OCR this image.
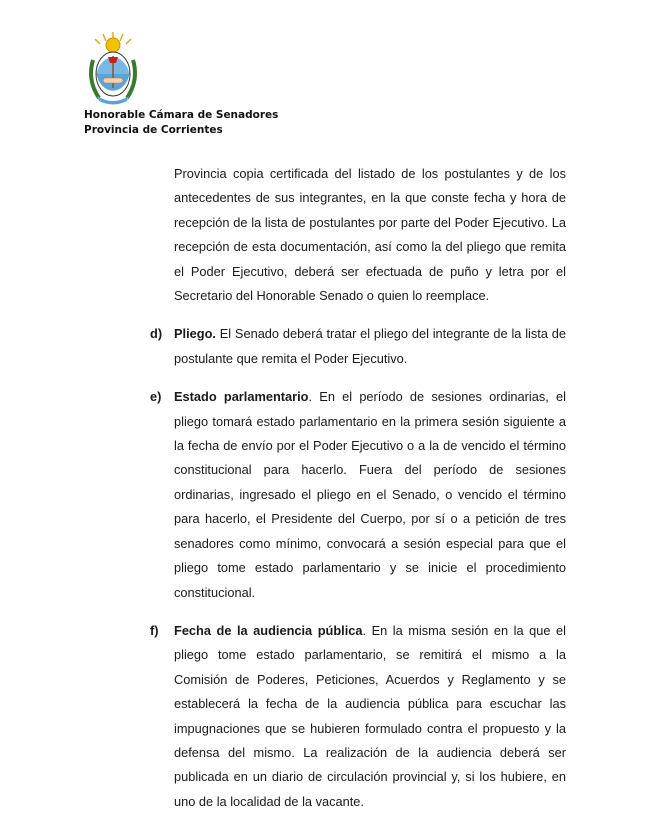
Honorable Cámara de Senadores
Provincia de Corrientes

Provincia copia certificada del listado de los postulantes y de los antecedentes de sus integrantes, en la que conste fecha y hora de recepción de la lista de postulantes por parte del Poder Ejecutivo. La recepción de esta documentación, así como la del pliego que remita el Poder Ejecutivo, deberá ser efectuada de puño y letra por el Secretario del Honorable Senado o quien lo reemplace.

d) Pliego. El Senado deberá tratar el pliego del integrante de la lista de postulante que remita el Poder Ejecutivo.

e) Estado parlamentario. En el período de sesiones ordinarias, el pliego tomará estado parlamentario en la primera sesión siguiente a la fecha de envío por el Poder Ejecutivo o a la de vencido el término constitucional para hacerlo. Fuera del período de sesiones ordinarias, ingresado el pliego en el Senado, o vencido el término para hacerlo, el Presidente del Cuerpo, por sí o a petición de tres senadores como mínimo, convocará a sesión especial para que el pliego tome estado parlamentario y se inicie el procedimiento constitucional.

f) Fecha de la audiencia pública. En la misma sesión en la que el pliego tome estado parlamentario, se remitirá el mismo a la Comisión de Poderes, Peticiones, Acuerdos y Reglamento y se establecerá la fecha de la audiencia pública para escuchar las impugnaciones que se hubieren formulado contra el propuesto y la defensa del mismo. La realización de la audiencia deberá ser publicada en un diario de circulación provincial y, si los hubiere, en uno de la localidad de la vacante.
